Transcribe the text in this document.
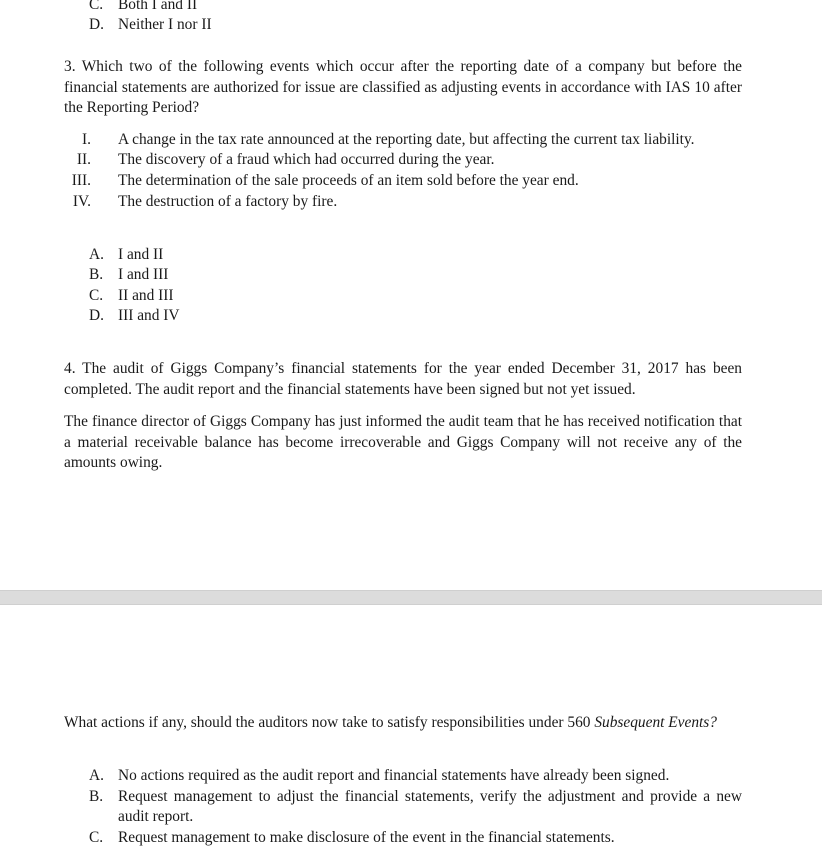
C. Both I and II

D. Neither I nor II

3. Which two of the following events which occur after the reporting date of a company but before the financial statements are authorized for issue are classified as adjusting events in accordance with IAS 10 after the Reporting Period?

I. A change in the tax rate announced at the reporting date, but affecting the current tax liability.

II. The discovery of a fraud which had occurred during the year.

III. The determination of the sale proceeds of an item sold before the year end.

IV. The destruction of a factory by fire.

A. I and II

B. I and III

C. II and III

D. III and IV

4. The audit of Giggs Company’s financial statements for the year ended December 31, 2017 has been completed. The audit report and the financial statements have been signed but not yet issued.

The finance director of Giggs Company has just informed the audit team that he has received notification that a material receivable balance has become irrecoverable and Giggs Company will not receive any of the amounts owing.

What actions if any, should the auditors now take to satisfy responsibilities under 560 Subsequent Events?

A. No actions required as the audit report and financial statements have already been signed.

B. Request management to adjust the financial statements, verify the adjustment and provide a new audit report.

C. Request management to make disclosure of the event in the financial statements.
